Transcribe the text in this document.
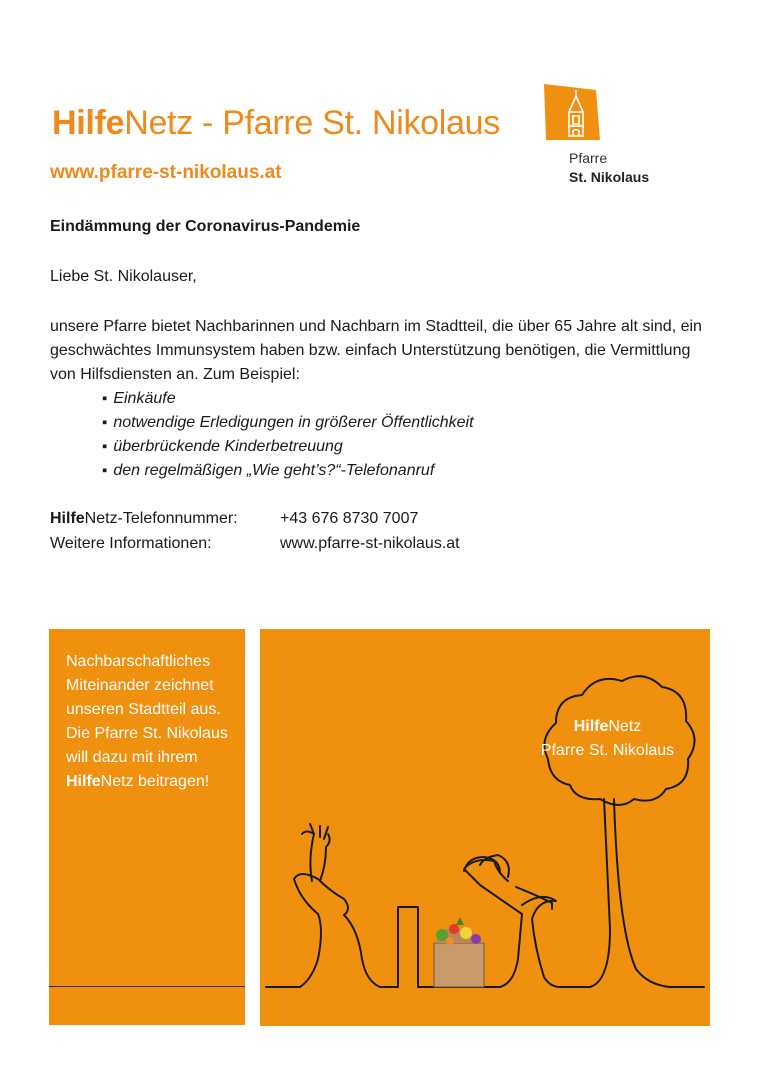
HilfeNetz - Pfarre St. Nikolaus
www.pfarre-st-nikolaus.at
Pfarre
St. Nikolaus
Eindämmung der Coronavirus-Pandemie
Liebe St. Nikolauser,
unsere Pfarre bietet Nachbarinnen und Nachbarn im Stadtteil, die über 65 Jahre alt sind, ein geschwächtes Immunsystem haben bzw. einfach Unterstützung benötigen, die Vermittlung von Hilfsdiensten an. Zum Beispiel:
▪ Einkäufe
▪ notwendige Erledigungen in größerer Öffentlichkeit
▪ überbrückende Kinderbetreuung
▪ den regelmäßigen „Wie geht’s?“-Telefonanruf
HilfeNetz-Telefonnummer:	+43 676 8730 7007
Weitere Informationen:	www.pfarre-st-nikolaus.at
Nachbarschaftliches Miteinander zeichnet unseren Stadtteil aus. Die Pfarre St. Nikolaus will dazu mit ihrem HilfeNetz beitragen!
HilfeNetz
Pfarre St. Nikolaus
